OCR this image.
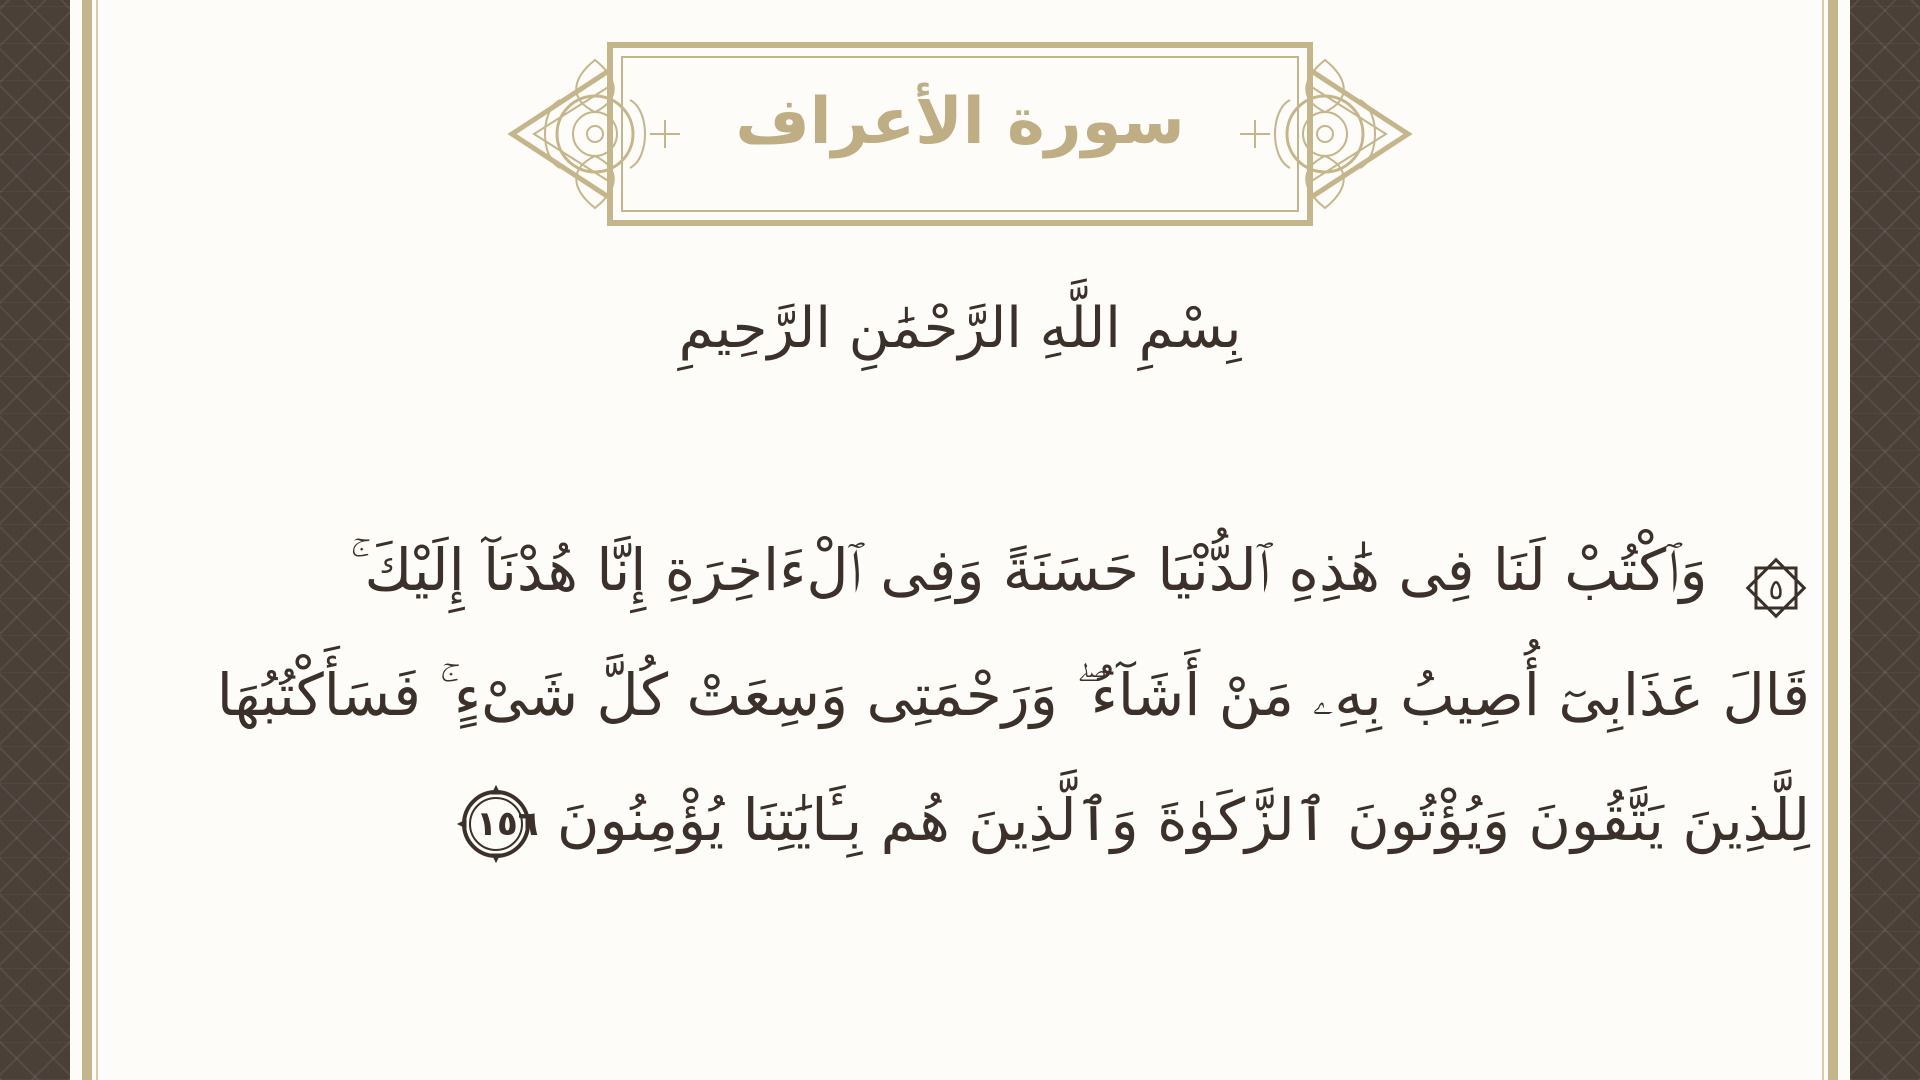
سورة الأعراف
بِسْمِ اللَّهِ الرَّحْمَٰنِ الرَّحِيمِ
٥
وَٱكْتُبْ لَنَا فِى هَٰذِهِ ٱلدُّنْيَا حَسَنَةً وَفِى ٱلْءَاخِرَةِ إِنَّا هُدْنَآ إِلَيْكَ ۚ
قَالَ عَذَابِىٓ أُصِيبُ بِهِۦ مَنْ أَشَآءُ ۖ وَرَحْمَتِى وَسِعَتْ كُلَّ شَىْءٍ ۚ فَسَأَكْتُبُهَا
لِلَّذِينَ يَتَّقُونَ وَيُؤْتُونَ ٱلزَّكَوٰةَ وَٱلَّذِينَ هُم بِـَٔايَٰتِنَا يُؤْمِنُونَ
١٥٦
